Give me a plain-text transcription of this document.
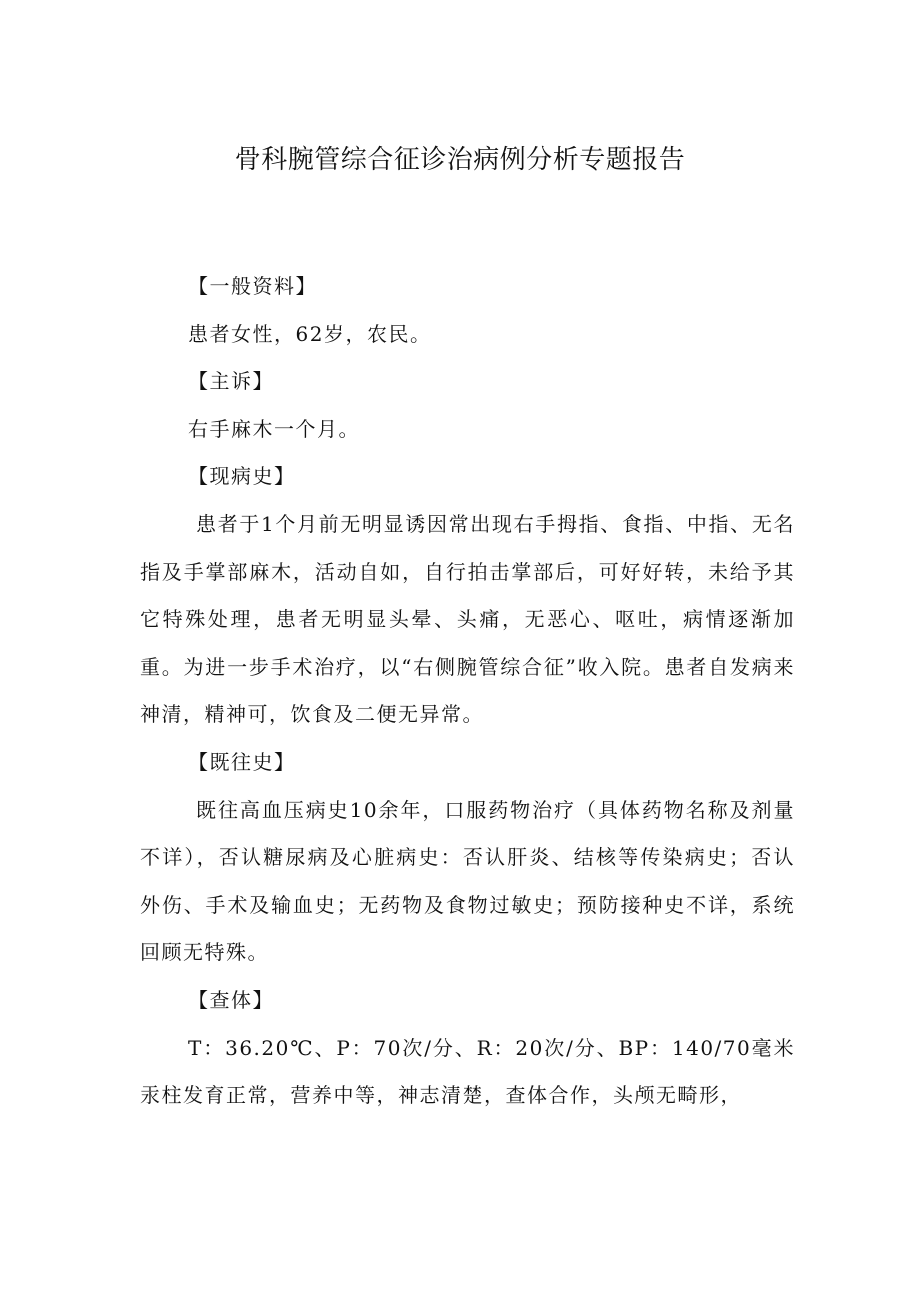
骨科腕管综合征诊治病例分析专题报告

【一般资料】

患者女性，62岁，农民。

【主诉】

右手麻木一个月。

【现病史】

患者于1个月前无明显诱因常出现右手拇指、食指、中指、无名指及手掌部麻木，活动自如，自行拍击掌部后，可好好转，未给予其它特殊处理，患者无明显头晕、头痛，无恶心、呕吐，病情逐渐加重。为进一步手术治疗，以“右侧腕管综合征”收入院。患者自发病来神清，精神可，饮食及二便无异常。

【既往史】

既往高血压病史10余年，口服药物治疗（具体药物名称及剂量不详），否认糖尿病及心脏病史：否认肝炎、结核等传染病史；否认外伤、手术及输血史；无药物及食物过敏史；预防接种史不详，系统回顾无特殊。

【查体】

T：36.20℃、P：70次/分、R：20次/分、BP：140/70毫米汞柱发育正常，营养中等，神志清楚，查体合作，头颅无畸形，
